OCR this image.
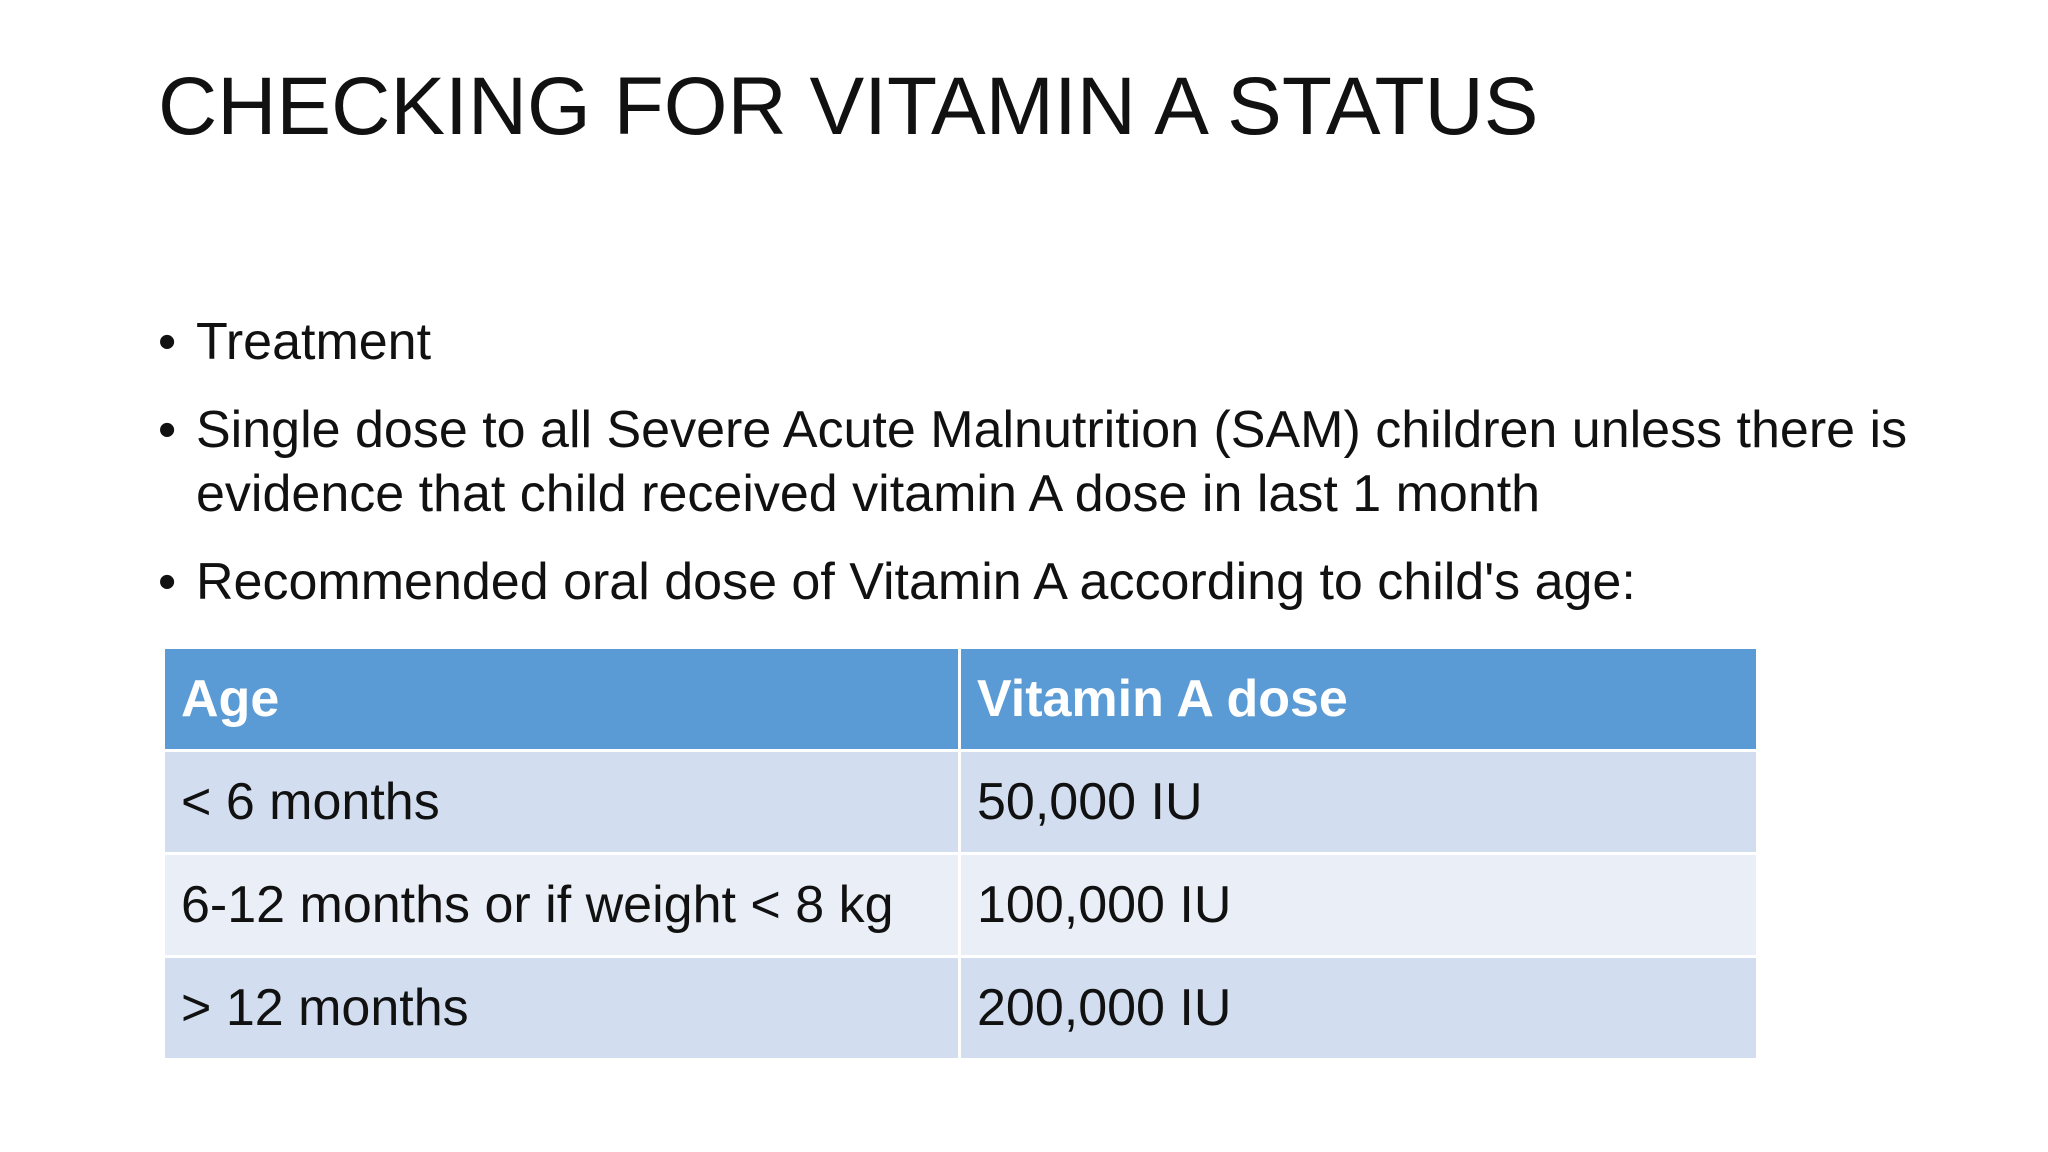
CHECKING FOR VITAMIN A STATUS
• Treatment
• Single dose to all Severe Acute Malnutrition (SAM) children unless there is evidence that child received vitamin A dose in last 1 month
• Recommended oral dose of Vitamin A according to child's age:
Age	Vitamin A dose
< 6 months	50,000 IU
6-12 months or if weight < 8 kg	100,000 IU
> 12 months	200,000 IU
